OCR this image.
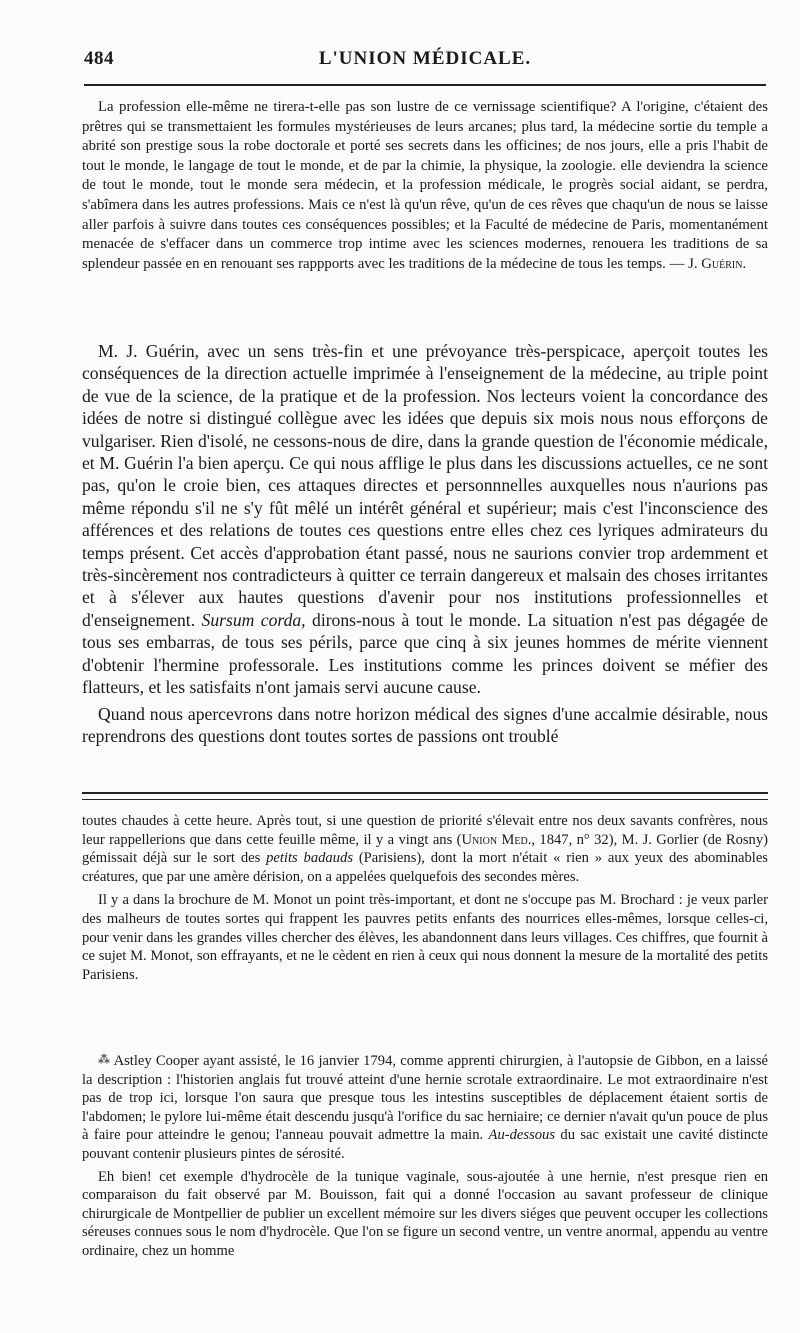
484	L'UNION MÉDICALE.

La profession elle-même ne tirera-t-elle pas son lustre de ce vernissage scientifique? A l'origine, c'étaient des prêtres qui se transmettaient les formules mystérieuses de leurs arcanes; plus tard, la médecine sortie du temple a abrité son prestige sous la robe doctorale et porté ses secrets dans les officines; de nos jours, elle a pris l'habit de tout le monde, le langage de tout le monde, et de par la chimie, la physique, la zoologie. elle deviendra la science de tout le monde, tout le monde sera médecin, et la profession médicale, le progrès social aidant, se perdra, s'abîmera dans les autres professions. Mais ce n'est là qu'un rêve, qu'un de ces rêves que chaqu'un de nous se laisse aller parfois à suivre dans toutes ces conséquences possibles; et la Faculté de médecine de Paris, momentanément menacée de s'effacer dans un commerce trop intime avec les sciences modernes, renouera les traditions de sa splendeur passée en en renouant ses rappports avec les traditions de la médecine de tous les temps. — J. Guérin.

M. J. Guérin, avec un sens très-fin et une prévoyance très-perspicace, aperçoit toutes les conséquences de la direction actuelle imprimée à l'enseignement de la médecine, au triple point de vue de la science, de la pratique et de la profession. Nos lecteurs voient la concordance des idées de notre si distingué collègue avec les idées que depuis six mois nous nous efforçons de vulgariser. Rien d'isolé, ne cessons-nous de dire, dans la grande question de l'économie médicale, et M. Guérin l'a bien aperçu. Ce qui nous afflige le plus dans les discussions actuelles, ce ne sont pas, qu'on le croie bien, ces attaques directes et personnnelles auxquelles nous n'aurions pas même répondu s'il ne s'y fût mêlé un intérêt général et supérieur; mais c'est l'inconscience des afférences et des relations de toutes ces questions entre elles chez ces lyriques admirateurs du temps présent. Cet accès d'approbation étant passé, nous ne saurions convier trop ardemment et très-sincèrement nos contradicteurs à quitter ce terrain dangereux et malsain des choses irritantes et à s'élever aux hautes questions d'avenir pour nos institutions professionnelles et d'enseignement. Sursum corda, dirons-nous à tout le monde. La situation n'est pas dégagée de tous ses embarras, de tous ses périls, parce que cinq à six jeunes hommes de mérite viennent d'obtenir l'hermine professorale. Les institutions comme les princes doivent se méfier des flatteurs, et les satisfaits n'ont jamais servi aucune cause.

Quand nous apercevrons dans notre horizon médical des signes d'une accalmie désirable, nous reprendrons des questions dont toutes sortes de passions ont troublé

toutes chaudes à cette heure. Après tout, si une question de priorité s'élevait entre nos deux savants confrères, nous leur rappellerions que dans cette feuille même, il y a vingt ans (Union Med., 1847, n° 32), M. J. Gorlier (de Rosny) gémissait déjà sur le sort des petits badauds (Parisiens), dont la mort n'était « rien » aux yeux des abominables créatures, que par une amère dérision, on a appelées quelquefois des secondes mères.

Il y a dans la brochure de M. Monot un point très-important, et dont ne s'occupe pas M. Brochard : je veux parler des malheurs de toutes sortes qui frappent les pauvres petits enfants des nourrices elles-mêmes, lorsque celles-ci, pour venir dans les grandes villes chercher des élèves, les abandonnent dans leurs villages. Ces chiffres, que fournit à ce sujet M. Monot, son effrayants, et ne le cèdent en rien à ceux qui nous donnent la mesure de la mortalité des petits Parisiens.

⁂ Astley Cooper ayant assisté, le 16 janvier 1794, comme apprenti chirurgien, à l'autopsie de Gibbon, en a laissé la description : l'historien anglais fut trouvé atteint d'une hernie scrotale extraordinaire. Le mot extraordinaire n'est pas de trop ici, lorsque l'on saura que presque tous les intestins susceptibles de déplacement étaient sortis de l'abdomen; le pylore lui-même était descendu jusqu'à l'orifice du sac herniaire; ce dernier n'avait qu'un pouce de plus à faire pour atteindre le genou; l'anneau pouvait admettre la main. Au-dessous du sac existait une cavité distincte pouvant contenir plusieurs pintes de sérosité.

Eh bien! cet exemple d'hydrocèle de la tunique vaginale, sous-ajoutée à une hernie, n'est presque rien en comparaison du fait observé par M. Bouisson, fait qui a donné l'occasion au savant professeur de clinique chirurgicale de Montpellier de publier un excellent mémoire sur les divers siéges que peuvent occuper les collections séreuses connues sous le nom d'hydrocèle. Que l'on se figure un second ventre, un ventre anormal, appendu au ventre ordinaire, chez un homme
